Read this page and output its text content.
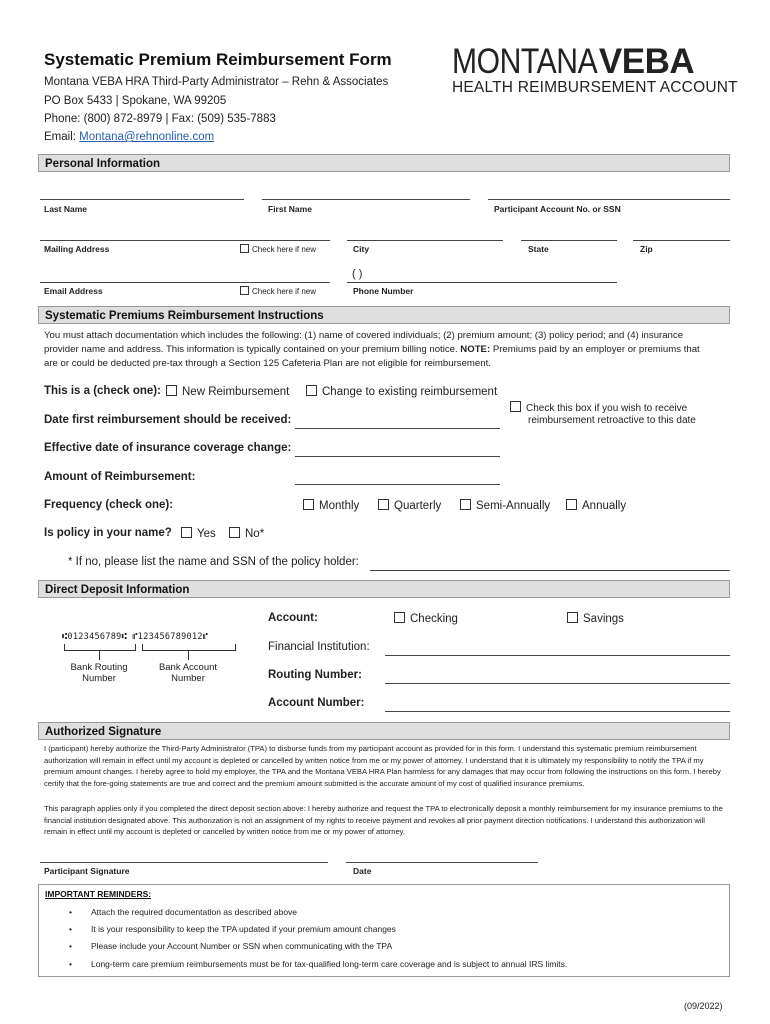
Systematic Premium Reimbursement Form
Montana VEBA HRA Third-Party Administrator – Rehn & Associates
PO Box 5433 | Spokane, WA 99205
Phone: (800) 872-8979 | Fax: (509) 535-7883
Email: Montana@rehnonline.com
MONTANAVEBA
HEALTH REIMBURSEMENT ACCOUNT
Personal Information
Last Name	First Name	Participant Account No. or SSN
Mailing Address	Check here if new	City	State	Zip
( )
Email Address	Check here if new	Phone Number
Systematic Premiums Reimbursement Instructions
You must attach documentation which includes the following: (1) name of covered individuals; (2) premium amount; (3) policy period; and (4) insurance provider name and address. This information is typically contained on your premium billing notice. NOTE: Premiums paid by an employer or premiums that are or could be deducted pre-tax through a Section 125 Cafeteria Plan are not eligible for reimbursement.
This is a (check one):	New Reimbursement	Change to existing reimbursement
Check this box if you wish to receive
reimbursement retroactive to this date
Date first reimbursement should be received:
Effective date of insurance coverage change:
Amount of Reimbursement:
Frequency (check one):	Monthly	Quarterly	Semi-Annually	Annually
Is policy in your name?	Yes	No*
* If no, please list the name and SSN of the policy holder:
Direct Deposit Information
⑆0123456789⑆ ⑈123456789012⑈
Bank Routing
Number
Bank Account
Number
Account:	Checking	Savings
Financial Institution:
Routing Number:
Account Number:
Authorized Signature
I (participant) hereby authorize the Third-Party Administrator (TPA) to disburse funds from my participant account as provided for in this form. I understand this systematic premium reimbursement authorization will remain in effect until my account is depleted or cancelled by written notice from me or my power of attorney. I understand that it is ultimately my responsibility to notify the TPA if my premium amount changes. I hereby agree to hold my employer, the TPA and the Montana VEBA HRA Plan harmless for any damages that may occur from following the instructions on this form. I hereby certify that the fore-going statements are true and correct and the premium amount submitted is the accurate amount of my cost of qualified insurance premiums.
This paragraph applies only if you completed the direct deposit section above: I hereby authorize and request the TPA to electronically deposit a monthly reimbursement for my insurance premiums to the financial institution designated above. This authorization is not an assignment of my rights to receive payment and revokes all prior payment direction notifications. I understand this authorization will remain in effect until my account is depleted or cancelled by written notice from me or my power of attorney.
Participant Signature	Date
IMPORTANT REMINDERS:
• Attach the required documentation as described above
• It is your responsibility to keep the TPA updated if your premium amount changes
• Please include your Account Number or SSN when communicating with the TPA
• Long-term care premium reimbursements must be for tax-qualified long-term care coverage and is subject to annual IRS limits.
(09/2022)
